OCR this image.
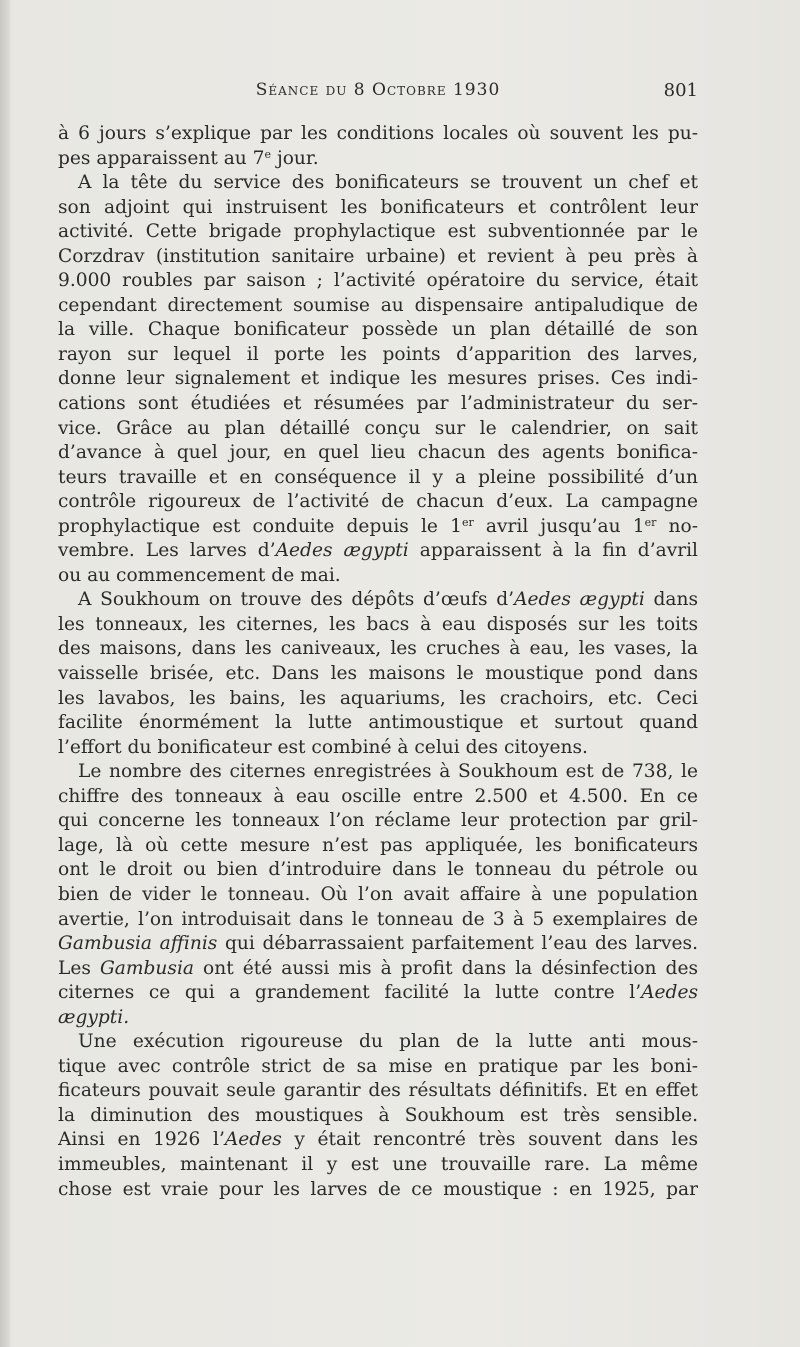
Séance du 8 Octobre 1930	801
à 6 jours s’explique par les conditions locales où souvent les pu-
pes apparaissent au 7e jour.
A la tête du service des bonificateurs se trouvent un chef et
son adjoint qui instruisent les bonificateurs et contrôlent leur
activité. Cette brigade prophylactique est subventionnée par le
Corzdrav (institution sanitaire urbaine) et revient à peu près à
9.000 roubles par saison ; l’activité opératoire du service, était
cependant directement soumise au dispensaire antipaludique de
la ville. Chaque bonificateur possède un plan détaillé de son
rayon sur lequel il porte les points d’apparition des larves,
donne leur signalement et indique les mesures prises. Ces indi-
cations sont étudiées et résumées par l’administrateur du ser-
vice. Grâce au plan détaillé conçu sur le calendrier, on sait
d’avance à quel jour, en quel lieu chacun des agents bonifica-
teurs travaille et en conséquence il y a pleine possibilité d’un
contrôle rigoureux de l’activité de chacun d’eux. La campagne
prophylactique est conduite depuis le 1er avril jusqu’au 1er no-
vembre. Les larves d’Aedes ægypti apparaissent à la fin d’avril
ou au commencement de mai.
A Soukhoum on trouve des dépôts d’œufs d’Aedes ægypti dans
les tonneaux, les citernes, les bacs à eau disposés sur les toits
des maisons, dans les caniveaux, les cruches à eau, les vases, la
vaisselle brisée, etc. Dans les maisons le moustique pond dans
les lavabos, les bains, les aquariums, les crachoirs, etc. Ceci
facilite énormément la lutte antimoustique et surtout quand
l’effort du bonificateur est combiné à celui des citoyens.
Le nombre des citernes enregistrées à Soukhoum est de 738, le
chiffre des tonneaux à eau oscille entre 2.500 et 4.500. En ce
qui concerne les tonneaux l’on réclame leur protection par gril-
lage, là où cette mesure n’est pas appliquée, les bonificateurs
ont le droit ou bien d’introduire dans le tonneau du pétrole ou
bien de vider le tonneau. Où l’on avait affaire à une population
avertie, l’on introduisait dans le tonneau de 3 à 5 exemplaires de
Gambusia affinis qui débarrassaient parfaitement l’eau des larves.
Les Gambusia ont été aussi mis à profit dans la désinfection des
citernes ce qui a grandement facilité la lutte contre l’Aedes
ægypti.
Une exécution rigoureuse du plan de la lutte anti mous-
tique avec contrôle strict de sa mise en pratique par les boni-
ficateurs pouvait seule garantir des résultats définitifs. Et en effet
la diminution des moustiques à Soukhoum est très sensible.
Ainsi en 1926 l’Aedes y était rencontré très souvent dans les
immeubles, maintenant il y est une trouvaille rare. La même
chose est vraie pour les larves de ce moustique : en 1925, par
